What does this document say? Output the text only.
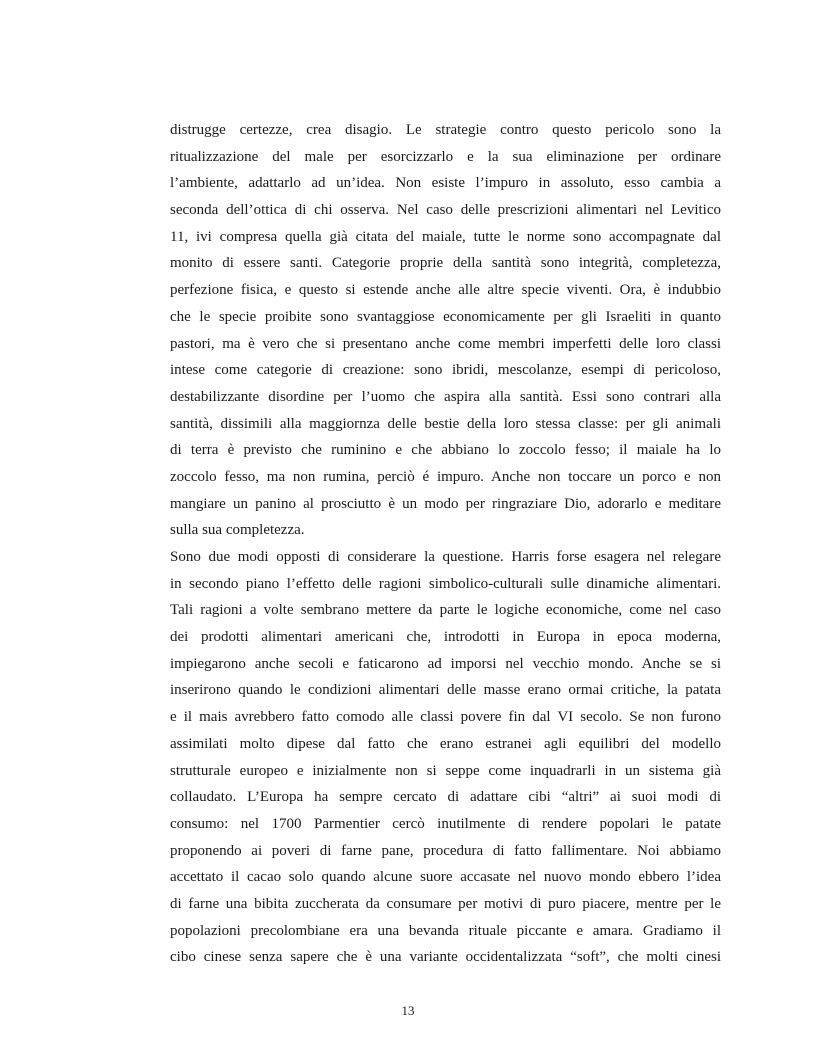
distrugge certezze, crea disagio. Le strategie contro questo pericolo sono la
ritualizzazione del male per esorcizzarlo e la sua eliminazione per ordinare
l’ambiente, adattarlo ad un’idea. Non esiste l’impuro in assoluto, esso cambia a
seconda dell’ottica di chi osserva. Nel caso delle prescrizioni alimentari nel Levitico
11, ivi compresa quella già citata del maiale, tutte le norme sono accompagnate dal
monito di essere santi. Categorie proprie della santità sono integrità, completezza,
perfezione fisica, e questo si estende anche alle altre specie viventi. Ora, è indubbio
che le specie proibite sono svantaggiose economicamente per gli Israeliti in quanto
pastori, ma è vero che si presentano anche come membri imperfetti delle loro classi
intese come categorie di creazione: sono ibridi, mescolanze, esempi di pericoloso,
destabilizzante disordine per l’uomo che aspira alla santità. Essi sono contrari alla
santità, dissimili alla maggiornza delle bestie della loro stessa classe: per gli animali
di terra è previsto che ruminino e che abbiano lo zoccolo fesso; il maiale ha lo
zoccolo fesso, ma non rumina, perciò é impuro. Anche non toccare un porco e non
mangiare un panino al prosciutto è un modo per ringraziare Dio, adorarlo e meditare
sulla sua completezza.
Sono due modi opposti di considerare la questione. Harris forse esagera nel relegare
in secondo piano l’effetto delle ragioni simbolico-culturali sulle dinamiche alimentari.
Tali ragioni a volte sembrano mettere da parte le logiche economiche, come nel caso
dei prodotti alimentari americani che, introdotti in Europa in epoca moderna,
impiegarono anche secoli e faticarono ad imporsi nel vecchio mondo. Anche se si
inserirono quando le condizioni alimentari delle masse erano ormai critiche, la patata
e il mais avrebbero fatto comodo alle classi povere fin dal VI secolo. Se non furono
assimilati molto dipese dal fatto che erano estranei agli equilibri del modello
strutturale europeo e inizialmente non si seppe come inquadrarli in un sistema già
collaudato. L’Europa ha sempre cercato di adattare cibi “altri” ai suoi modi di
consumo: nel 1700 Parmentier cercò inutilmente di rendere popolari le patate
proponendo ai poveri di farne pane, procedura di fatto fallimentare. Noi abbiamo
accettato il cacao solo quando alcune suore accasate nel nuovo mondo ebbero l’idea
di farne una bibita zuccherata da consumare per motivi di puro piacere, mentre per le
popolazioni precolombiane era una bevanda rituale piccante e amara. Gradiamo il
cibo cinese senza sapere che è una variante occidentalizzata “soft”, che molti cinesi
13
